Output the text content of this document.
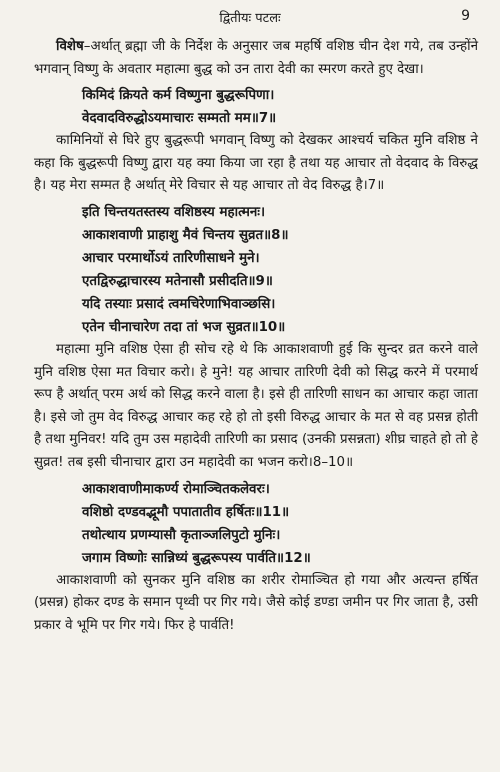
द्वितीयः पटलः	9

विशेष–अर्थात् ब्रह्मा जी के निर्देश के अनुसार जब महर्षि वशिष्ठ चीन देश गये, तब उन्होंने भगवान् विष्णु के अवतार महात्मा बुद्ध को उन तारा देवी का स्मरण करते हुए देखा।

किमिदं क्रियते कर्म विष्णुना बुद्धरूपिणा।
वेदवादविरुद्धोऽयमाचारः सम्मतो मम॥7॥

कामिनियों से घिरे हुए बुद्धरूपी भगवान् विष्णु को देखकर आश्चर्य चकित मुनि वशिष्ठ ने कहा कि बुद्धरूपी विष्णु द्वारा यह क्या किया जा रहा है तथा यह आचार तो वेदवाद के विरुद्ध है। यह मेरा सम्मत है अर्थात् मेरे विचार से यह आचार तो वेद विरुद्ध है।7॥

इति चिन्तयतस्तस्य वशिष्ठस्य महात्मनः।
आकाशवाणी प्राहाशु मैवं चिन्तय सुव्रत॥8॥
आचार परमार्थोऽयं तारिणीसाधने मुने।
एतद्विरुद्धाचारस्य मतेनासौ प्रसीदति॥9॥
यदि तस्याः प्रसादं त्वमचिरेणाभिवाञ्छसि।
एतेन चीनाचारेण तदा तां भज सुव्रत॥10॥

महात्मा मुनि वशिष्ठ ऐसा ही सोच रहे थे कि आकाशवाणी हुई कि सुन्दर व्रत करने वाले मुनि वशिष्ठ ऐसा मत विचार करो। हे मुने! यह आचार तारिणी देवी को सिद्ध करने में परमार्थ रूप है अर्थात् परम अर्थ को सिद्ध करने वाला है। इसे ही तारिणी साधन का आचार कहा जाता है। इसे जो तुम वेद विरुद्ध आचार कह रहे हो तो इसी विरुद्ध आचार के मत से वह प्रसन्न होती है तथा मुनिवर! यदि तुम उस महादेवी तारिणी का प्रसाद (उनकी प्रसन्नता) शीघ्र चाहते हो तो हे सुव्रत! तब इसी चीनाचार द्वारा उन महादेवी का भजन करो।8–10॥

आकाशवाणीमाकर्ण्य रोमाञ्चितकलेवरः।
वशिष्ठो दण्डवद्भूमौ पपातातीव हर्षितः॥11॥
तथोत्थाय प्रणम्यासौ कृताञ्जलिपुटो मुनिः।
जगाम विष्णोः सान्निध्यं बुद्धरूपस्य पार्वति॥12॥

आकाशवाणी को सुनकर मुनि वशिष्ठ का शरीर रोमाञ्चित हो गया और अत्यन्त हर्षित (प्रसन्न) होकर दण्ड के समान पृथ्वी पर गिर गये। जैसे कोई डण्डा जमीन पर गिर जाता है, उसी प्रकार वे भूमि पर गिर गये। फिर हे पार्वति!
